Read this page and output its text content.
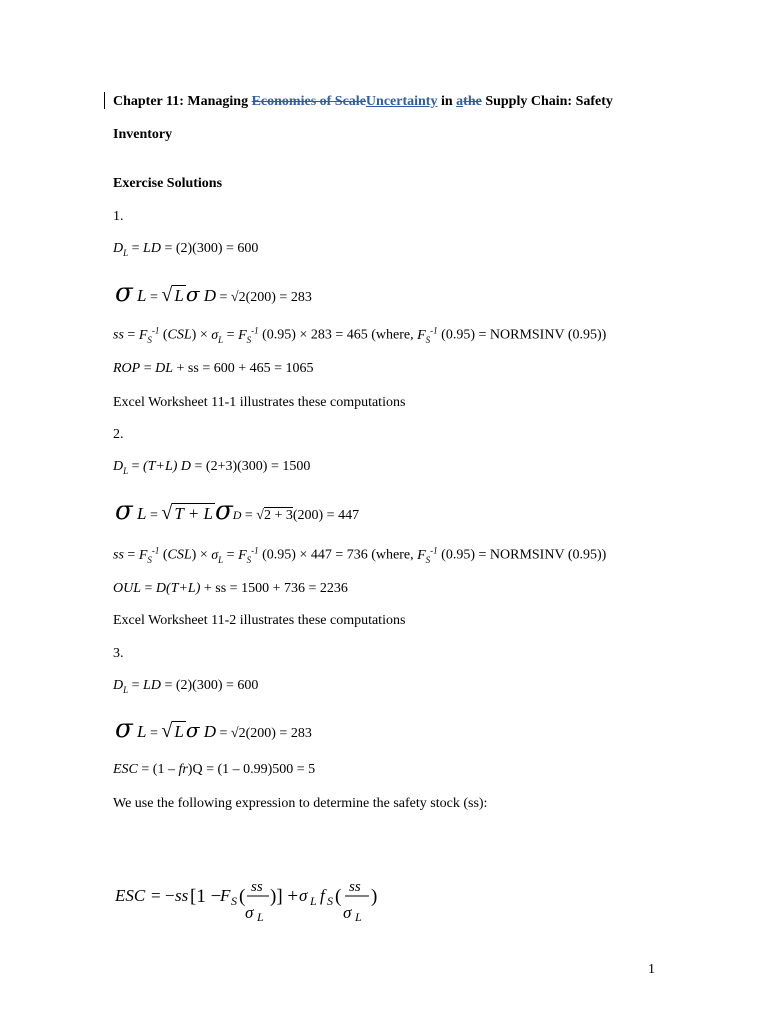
Chapter 11: Managing Economies of ScaleUncertainty in athe Supply Chain: Safety
Inventory
Exercise Solutions
1.
$D_L$ = LD = (2)(300) = 600
σ L = √ L σ D = √2(200) = 283
ss = $F_S^{-1}$ $(CSL) \times \sigma_L = F_S^{-1}$ (0.95) × 283 = 465 (where, $F_S^{-1}$ (0.95) = NORMSINV (0.95))
ROP = DL + ss = 600 + 465 = 1065
Excel Worksheet 11-1 illustrates these computations
2.
$D_L = (T+L) D = (2+3)(300) = 1500$
σ L = √ T + LσD = √2 + 3(200) = 447
ss = $F_S^{-1}$ $(CSL) \times \sigma_L = F_S^{-1}$ (0.95) × 447 = 736 (where, $F_S^{-1}$ (0.95) = NORMSINV (0.95))
OUL = D(T+L) + ss = 1500 + 736 = 2236
Excel Worksheet 11-2 illustrates these computations
3.
$D_L$ = LD = (2)(300) = 600
σ L = √ L σ D = √2(200) = 283
ESC = (1 – fr)Q = (1 – 0.99)500 = 5
We use the following expression to determine the safety stock (ss):
ESC = − ss [1 −
F S ( ss
σ L
)] + σ L f S ( ss
σ L
)
1
